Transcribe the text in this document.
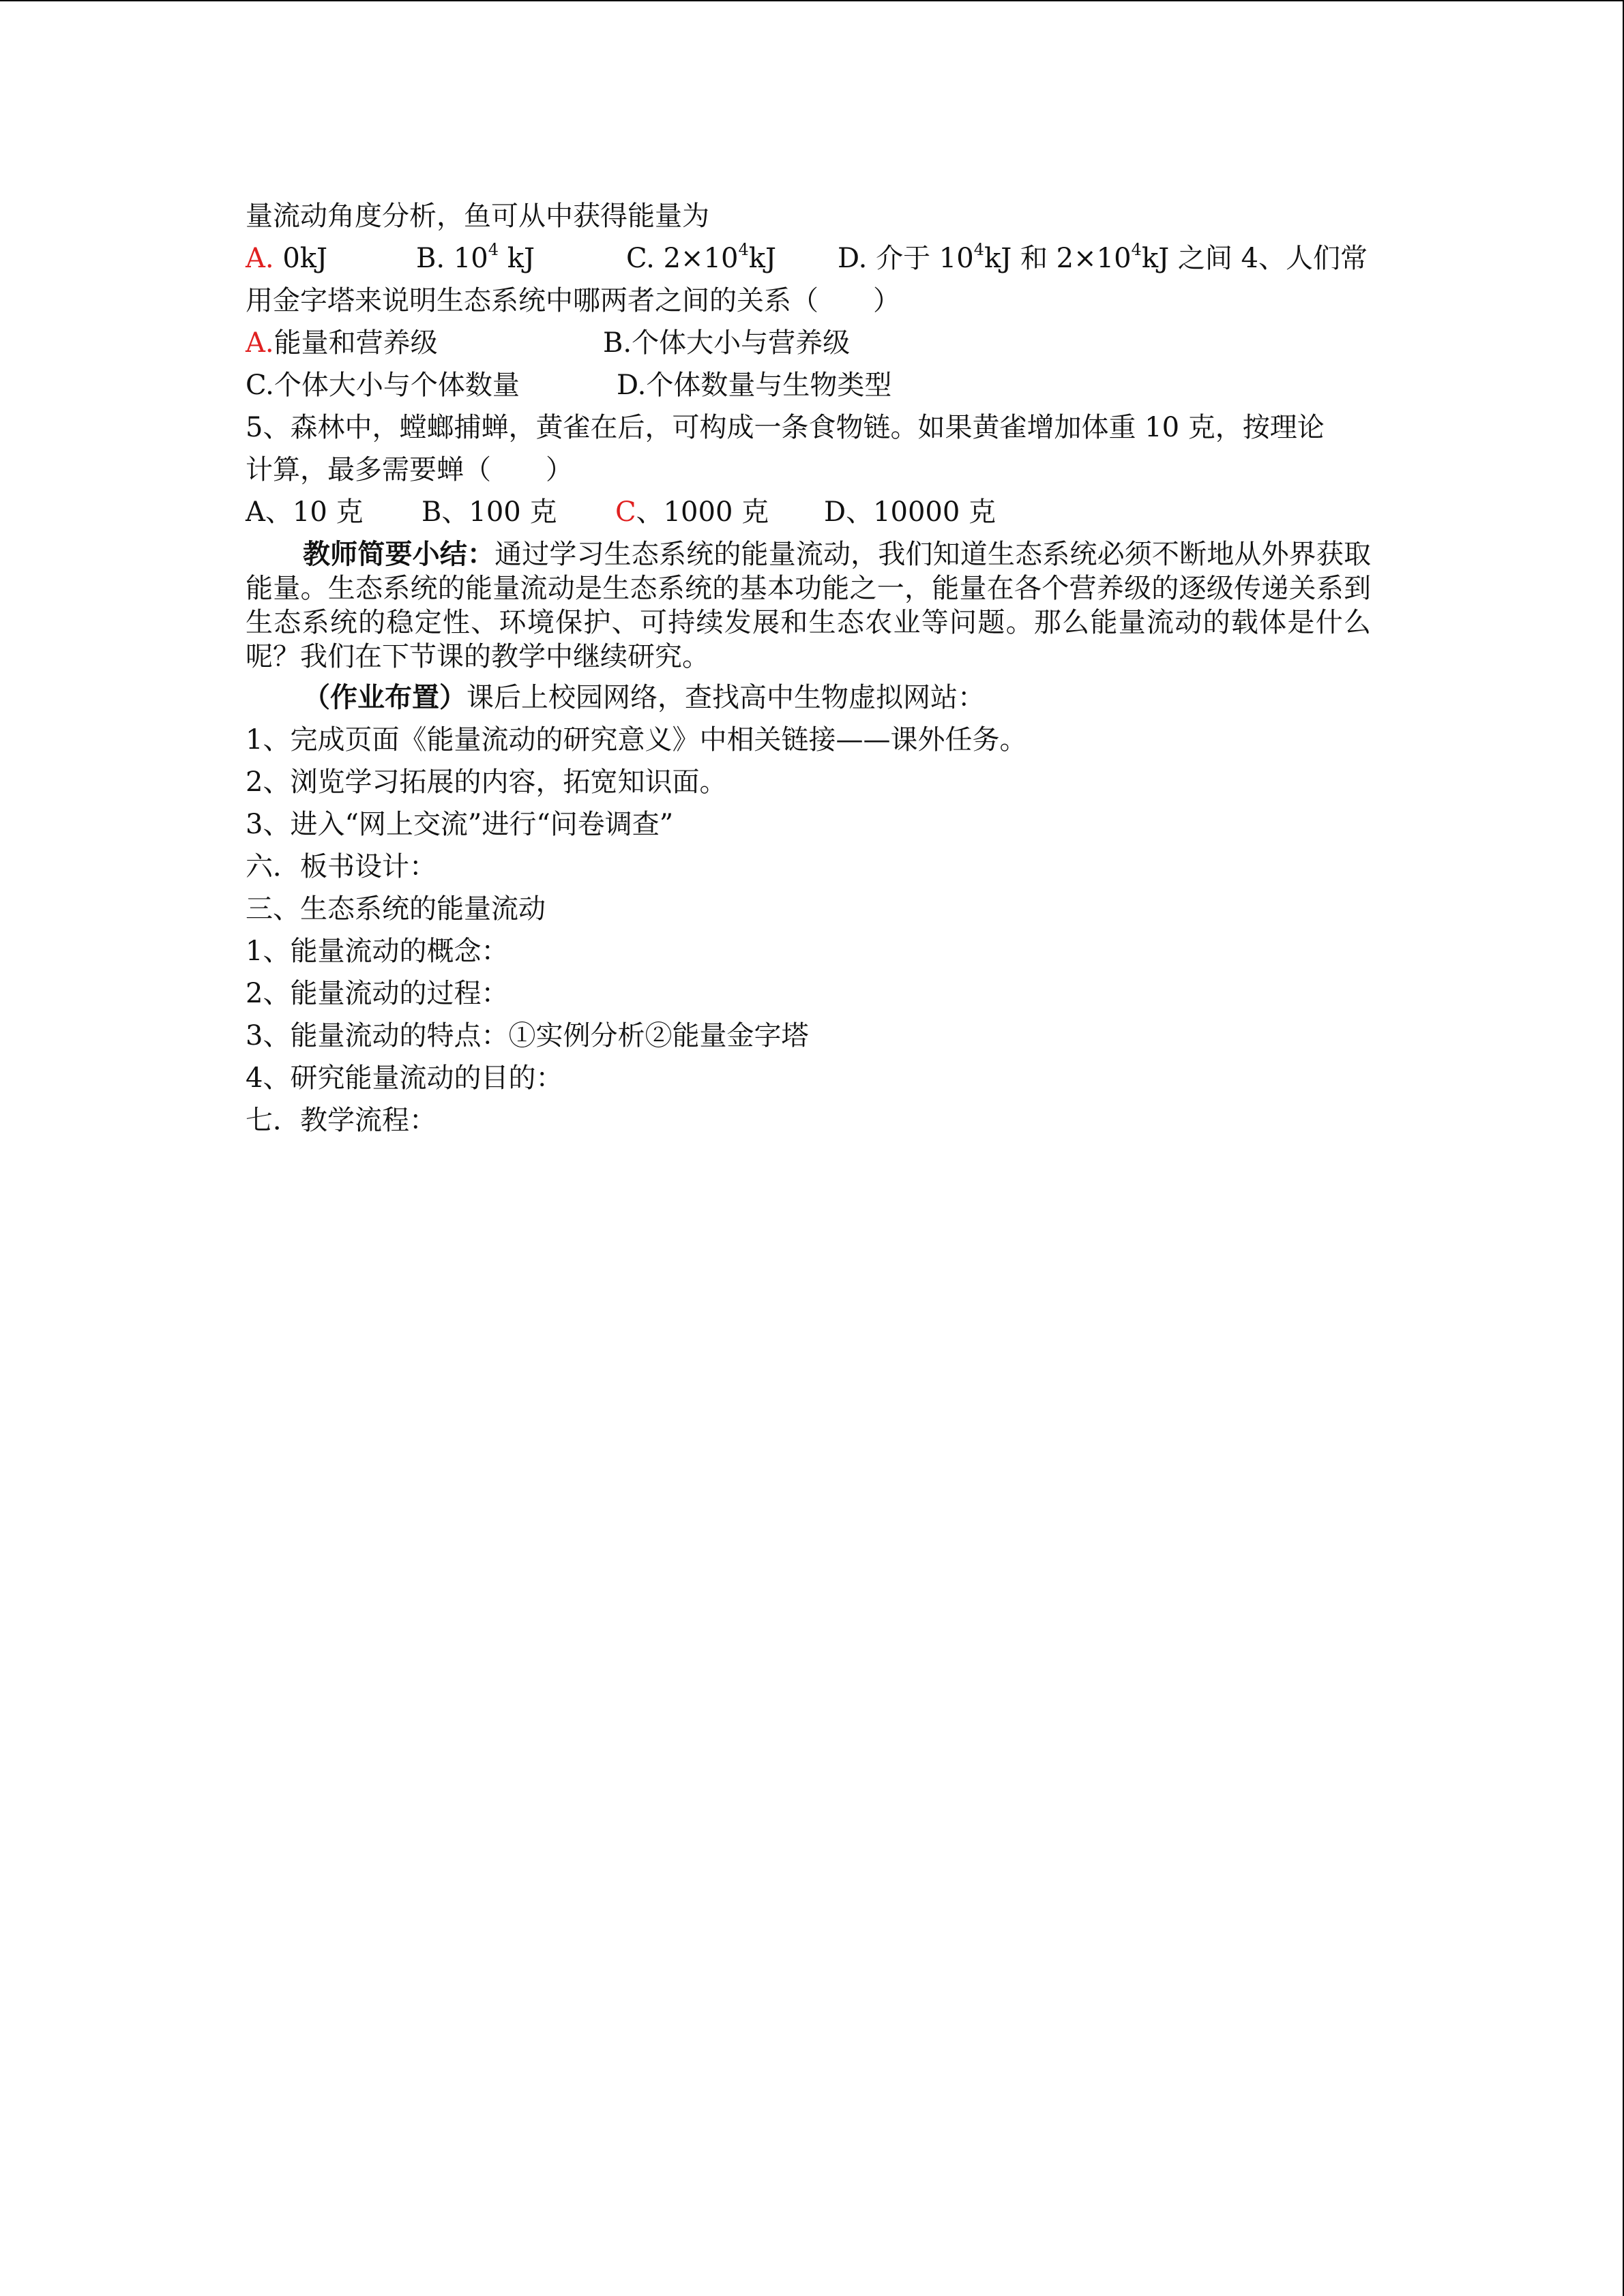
量流动角度分析，鱼可从中获得能量为
A. 0kJ	B. $10^4$ kJ	C. $2\times 10^4kJ$ D. 介于 $10^4kJ$ 和 $2\times 10^4kJ$ 之间 4、人们常
用金字塔来说明生态系统中哪两者之间的关系（　　）
A.能量和营养级	B.个体大小与营养级
C.个体大小与个体数量	D.个体数量与生物类型
5、森林中，螳螂捕蝉，黄雀在后，可构成一条食物链。如果黄雀增加体重 10 克，按理论
计算，最多需要蝉（　　）
A、10 克 B、100 克 C、1000 克 D、10000 克
教师简要小结：通过学习生态系统的能量流动，我们知道生态系统必须不断地从外界获取能量。生态系统的能量流动是生态系统的基本功能之一，能量在各个营养级的逐级传递关系到生态系统的稳定性、环境保护、可持续发展和生态农业等问题。那么能量流动的载体是什么呢？我们在下节课的教学中继续研究。
（作业布置）课后上校园网络，查找高中生物虚拟网站：
1、完成页面《能量流动的研究意义》中相关链接——课外任务。
2、浏览学习拓展的内容，拓宽知识面。
3、进入“网上交流”进行“问卷调查”
六．板书设计：
三、生态系统的能量流动
1、能量流动的概念：
2、能量流动的过程：
3、能量流动的特点：①实例分析②能量金字塔
4、研究能量流动的目的：
七．教学流程：
